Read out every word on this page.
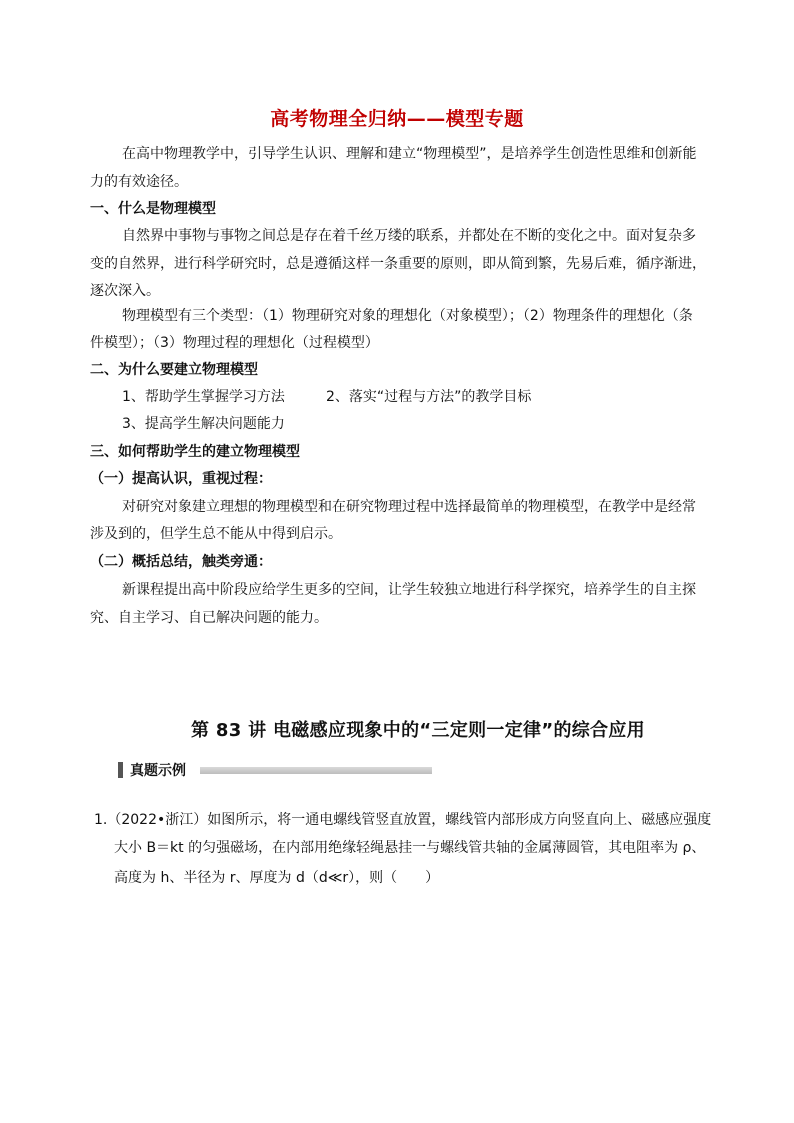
高考物理全归纳——模型专题
在高中物理教学中，引导学生认识、理解和建立“物理模型”，是培养学生创造性思维和创新能
力的有效途径。
一、什么是物理模型
自然界中事物与事物之间总是存在着千丝万缕的联系，并都处在不断的变化之中。面对复杂多
变的自然界，进行科学研究时，总是遵循这样一条重要的原则，即从简到繁，先易后难，循序渐进，
逐次深入。
物理模型有三个类型：（1）物理研究对象的理想化（对象模型）；（2）物理条件的理想化（条
件模型）；（3）物理过程的理想化（过程模型）
二、为什么要建立物理模型
1、帮助学生掌握学习方法	2、落实“过程与方法”的教学目标
3、提高学生解决问题能力
三、如何帮助学生的建立物理模型
（一）提高认识，重视过程：
对研究对象建立理想的物理模型和在研究物理过程中选择最简单的物理模型，在教学中是经常
涉及到的，但学生总不能从中得到启示。
（二）概括总结，触类旁通：
新课程提出高中阶段应给学生更多的空间，让学生较独立地进行科学探究，培养学生的自主探
究、自主学习、自已解决问题的能力。
第 83 讲 电磁感应现象中的“三定则一定律”的综合应用
真题示例
1.（2022•浙江）如图所示，将一通电螺线管竖直放置，螺线管内部形成方向竖直向上、磁感应强度
大小 B＝kt 的匀强磁场，在内部用绝缘轻绳悬挂一与螺线管共轴的金属薄圆管，其电阻率为 ρ、
高度为 h、半径为 r、厚度为 d（d≪r），则（　　）
